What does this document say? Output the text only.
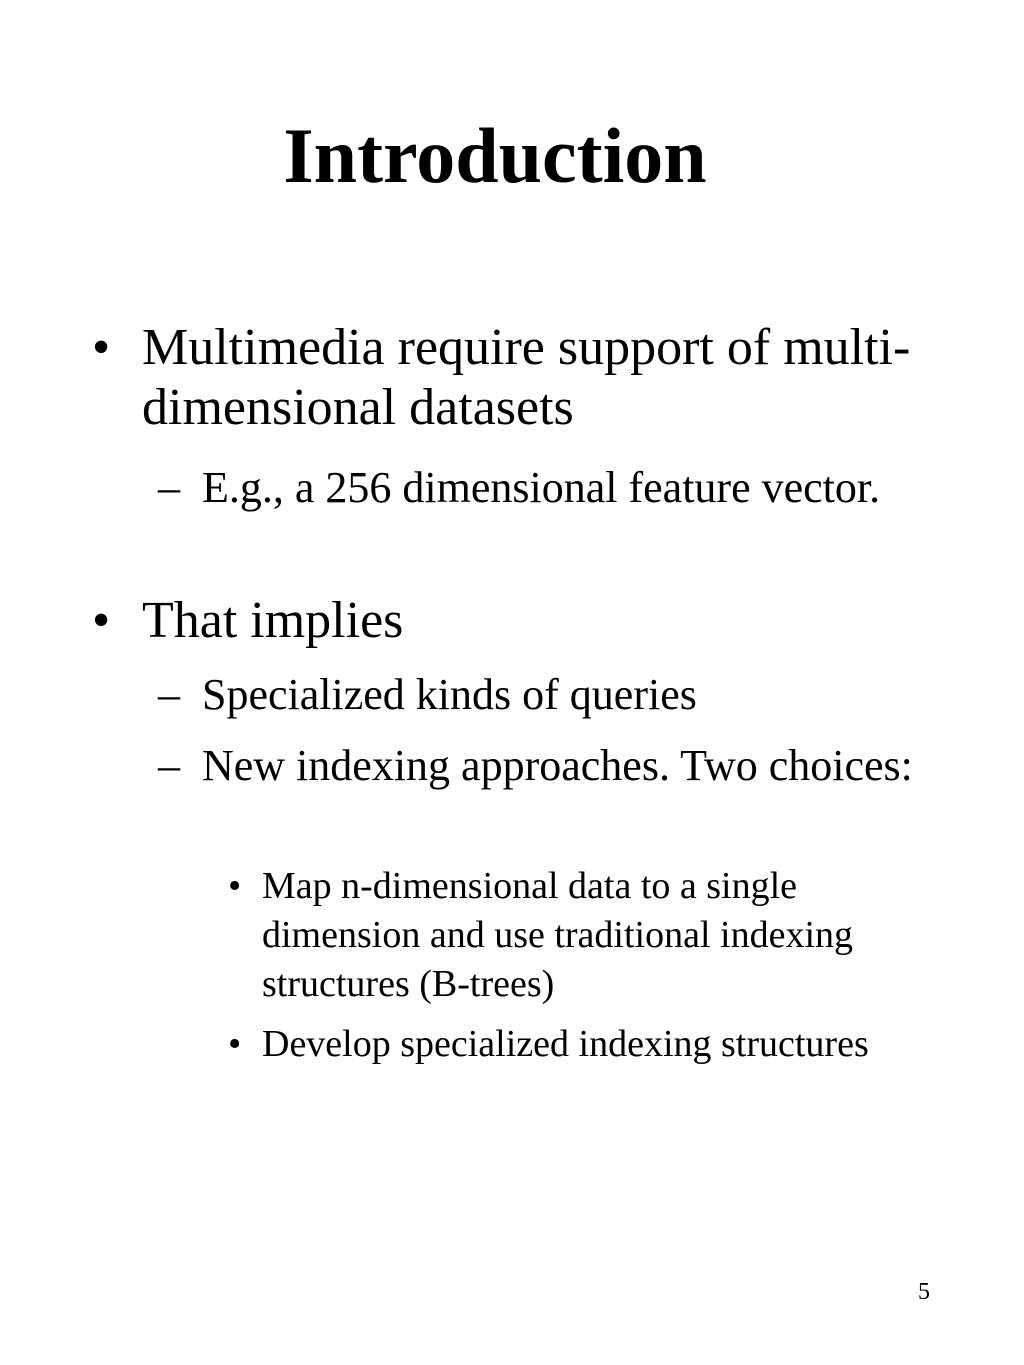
Introduction
• Multimedia require support of multi-dimensional datasets

– E.g., a 256 dimensional feature vector.

• That implies

– Specialized kinds of queries

– New indexing approaches. Two choices:

• Map n-dimensional data to a single dimension and use traditional indexing structures (B-trees)

• Develop specialized indexing structures

5
